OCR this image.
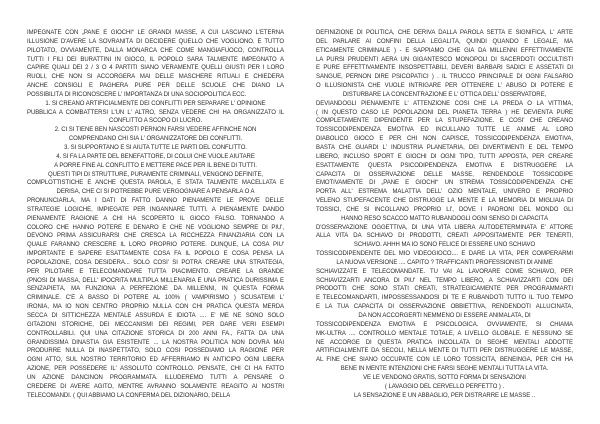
IMPEGNATE CON „PANE E GIOCHI“ LE GRANDI MASSE, A CUI LASCIANO L'ETERNA
ILLUSIONE D'AVERE LA SOVRANITÀ DI DECIDERE QUELLO CHE VOGLIONO. È TUTTO
PILOTATO, OVVIAMENTE, DALLA MONARCA CHE COME MANGIAFUOCO, CONTROLLA
TUTTI I FILI DEI BURATTINI IN GIOCO, IL POPOLO SARÀ TALMENTE IMPEGNATO A
CAPIRE QUALI DEI 2 / 3 O 4 PARTITI SIANO VERAMENTE QUELLI GIUSTI PER I LORO
RUOLI, CHE NON SI ACCORGERÀ MAI DELLE MASCHERE RITUALI E CHIEDERÀ
ANCHE CONSIGLI E PAGHERÀ PURE PER DELLE SCUOLE CHE DIANO LA
POSSIBILITÀ DI RICONOSCERE L' IMPORTANZA DI UNA SOCIOPOLITICA ECC.
1. SI CREANO ARTIFICIALMENTE DEI CONFLITTI PER SEPARARE L' OPINIONE
PUBBLICA A COMBATTERSI L'UN L' ALTRO, SENZA VEDERE CHI HA ORGANIZZATO IL
CONFLITTO A SCOPO DI LUCRO.
2. CI SI TIENE BEN NASCOSTI PERNON FARSI VEDERE AFFINCHÉ NON
COMPRENDANO CHI SIA L' ORGANIZZATORE DEI CONFLITTI.
3. SI SUPPORTANO E SI AIUTA TUTTE LE PARTI DEL CONFLITTO.
4. SI FA LA PARTE DEL BENEFATTORE, DI COLUI CHE VUOLE AIUTARE
A PORRE FINE AL CONFLITTO E METTERE PACE PER IL BENE DI TUTTI.
QUESTI TIPI DI STRUTTURE, PURAMENTE CRIMINALI, VENGONO DEFINITE,
COMPLOTTISTICHE È ANCHE QUESTA PAROLA, È STATA TALMENTE MACELLATA E
DERISA, CHE CI SI POTREBBE PURE VERGOGNARE A PENSARLA O A
PRONUNCIARLA, MA I DATI DI FATTO DANNO PIENAMENTE LE PROVE DELLE
STRATEGIE LOGICHE, IMPIEGATE PER INGANNARE TUTTI. A PIENAMENTE DANDO
PIENAMENTE RAGIONE A CHI HA SCOPERTO IL GIOCO FALSO. TORNANDO A
COLORO CHE HANNO POTERE E DENARO È CHE NE VOGLIONO SEMPRE DI PIU',
DEVONO PRIMA ASSICURARSI CHE CRESCA LA RICCHEZZA FINANZIARIA CON LA
QUALE FARANNO CRESCERE IL LORO PROPRIO POTERE. DUNQUE, LA COSA PIU'
IMPORTANTE È SAPERE ESATTAMENTE COSA FA IL POPOLO E COSA PENSA LA
POPOLAZIONE, COSA DESIDERA... SOLO COSI' SI POTRÀ CREARE UNA STRATEGIA,
PER PILOTARE E TELECOMANDARE TUTTA PIACIMENTO. CREARE LA GRANDE
(PNOSI DI MASSA, DELL' IPOCRITA MULTIPLA MILLENARIA È UNA PRATICA DURISSIMA E
SENZAPIETÀ, MA FUNZIONA A PERFEZIONE DA MILLENNI, IN QUESTA FORMA
CRIMINALE. C'È A BASSO DI POTERE AL 100% ( VAMPIRISMO ) SCUSATEMI L'
IRONIA, MA IO NON CENTRO PROPRIO NULLA CON CHI PRATICA QUESTA MERDA
SECCA DI SITTICHEZZA MENTALE ASSURDA E IDIOTA .... E' ME NE SONO SOLO
GITAZIONI STORICHE, DEI MECCANISMI DEI REGIMI, PER DARE VERI ESEMPI
CONTROLLABILI. QUI UNA CITAZIONE STORICA DI 200 ANNI FA., FATTA DA UNA
GRANDISSIMA DINASTIA GIÀ ESISTENTE ... LA NOSTRA POLITICA NON DOVRÀ MAI
PRODURRE NULLA DI INASPETTATO, SOLO COSI POSSEDIAMO LA RAGIONE PER
OGNI ATTO, SUL NOSTRO TERRITORIO ED AFFERRIAMO IN ANTICIPO OGNI LIBERA
AZIONE, PER POSSEDERE IL' ASSOLUTO CONTROLLO. PENSATE, CHI CI HA FATTO
UN AZIONE DANCINON PROGRAMMATA. ILLUDEREMO TUTTI A PENSARE O
CREDERE DI AVERE AGITO, MENTRE AVRANNO SOLAMENTE REAGITO AI NOSTRI
TELECOMANDI. ( QUI ABBIAMO LA CONFERMA DEL DIZIONARIO, DELLA
DEFINIZIONE DI POLITICA, CHE DERIVA DALLA PAROLA SETTA E SIGNIFICA, L' ARTE
DEL PARLARE AI CONFINI DELLA LEGALITÀ, QUINDI QUANDO È LEGALE, MA
ETICAMENTE CRIMINALE ) - E SAPPIAMO CHE GIÀ DA MILLENNI EFFETTIVAMENTE
LA PURSI PRUDENTI AERA UN GIGANTESCO MONOPOLI DI SACERDOTI OCCULTISTI
E PURE EFFETTIVAMENTE INSOSPETTABILI, DEVERI BARBARI SADICI E ASSETATI DI
SANGUE, PERNON DIRE PSICOPATICI ) . IL TRUCCO PRINCIPALE DI OGNI FALSARIO
O ILLUSIONISTA CHE VUOLE INTRIGARE PER OTTENERE L' ABUSO DI POTERE È
DISTURBARE LA CONCENTRAZIONE E L' OTTICA DELL' OSSERVATORE,
DEVIANDOGLI PIENAMENTE L' ATTENZIONE COSI CHE LA PREDA O LA VITTIMA,
( IN QUESTO CASO LE POPOLAZIONI DEL PIANETA TERRA ) HE DEVIENTA PURE
COMPLETAMENTE DIPENDENTE PER LA STUPEFAZIONE. E COSI' CHE CREANO
TOSSICODIPENDENZA EMOTIVA ED INCULLANO TUTTE LE ANIME AL LORO
DIABOLICO GIOCO E PER CHI NON CAPISCE, TOSSICODIPENDENZA EMOTIVA,
BASTA CHE GUARDI L' INDUSTRIA PLANETARIA, DEI DIVERTIMENTI E DEL TEMPO
LIBERO, INCLUSO SPORT E GIOCHI DI OGNI TIPO, TUTTI APPOSTA, PER CREARE
ESATTAMENTE QUESTA PSICODIPENDENZA EMOTIVA E DISTRUGGERE LA
CAPACITÀ DI OSSERVAZIONE DELLE MASSE, RENDENDOLE TOSSICODIPE
EMOTIVAMENTE DI „PANE E GIOCHI“ UN STREMA TOSSICODIPENDENZA CHE
PORTA ALL' ESTREMA MALATTIA DELL' OZIO MENTALE, UNIVERO E PROPRIO
VELENO STUPEFACENTE CHE DISTRUGGE LA MENTE E LA MEMORIA DI MIGLIAIA DI
TOSSICI, CHE SI INCOLLANO PROPRIO LI', DOVE I PADRONI DEL MONDO GLI
HANNO RESO SCACCO MATTO RUBANDOGLI OGNI SENSO DI CAPACITÀ
D'OSSERVAZIONE OGGETTIVA, DI UNA VITA LIBERA AUTODETERMINATA E' ATTORE
ALLA VITA DA SCHIAVO DI PRODOTTI, CREATI APPOSITAMENTE PER TENERTI,
SCHIAVO. AHHH MA IO SONO FELICE DI ESSERE UNO SCHIAVO
TOSSICODIPENDENTE DEL MIO VIDEOGIOCO.... E DARE LA VITA, PER COMPERARMI
LA NUOVA VERSIONE .... CAPITO ? TRAFFICANTI PROFESSIONISTI DI ANIME
SCHIAVIZZATE E TELECOMANDATE. TU VAI AL LAVORARE COME SCHIAVO, PER
SCHIAVIZZARTI ANCORA DI PIU' NEL TEMPO LIBERO, A SCHIAVIZZARTI CON DEI
PRODOTTI CHE SONO STATI CREATI, STRATEGICAMENTE PER PROGRAMMARTI
E TELECOMANDARTI, IMPOSSESSANDOSI DI TE E RUBANDOTI TUTTO IL TUO TEMPO
E LA TUA CAPACITÀ DI OSSERVAZIONE OBBIETTIVA, RENDENDOTI ALLUCINATA,
DA NON ACCORGERTI NEMMENO DI ESSERE ANIMALATA, DI
TOSSICODIPENDENZA EMOTIVA E PSICOLOGICA. OVVIAMENTE, SI CHIAMA
MK-ULTRA .... CONTROLLO MENTALE TOTALE, A LIVELLO GLOBALE. E NESSUNO SE
NE ACCORGE DI QUESTA PRATICA INCOLLATA DI SEGHE MENTALI ADDOTTE
ARTIFICIALMENTE DA SECOLI, NELLA MENTE DI TUTTI PER DISTRUGGERE LE MASSE,
AL FINE CHE SIANO OCCUPATE CON LE LORO TOSSICITÀ, BENEINGA, PER CHI HA
BENE IN MENTE INTENZIONI CHE FARSI SEGHE MENTALI TUTTA LA VITA.
VE LE VENDONO GRATIS, SOTTO FORMA DI SENSAZIONI
( LAVAGGIO DEL CERVELLO PERFETTO ) .
LA SENSAZIONE È UN ABBAGLIO, PER DISTRARRE LE MASSE ..
